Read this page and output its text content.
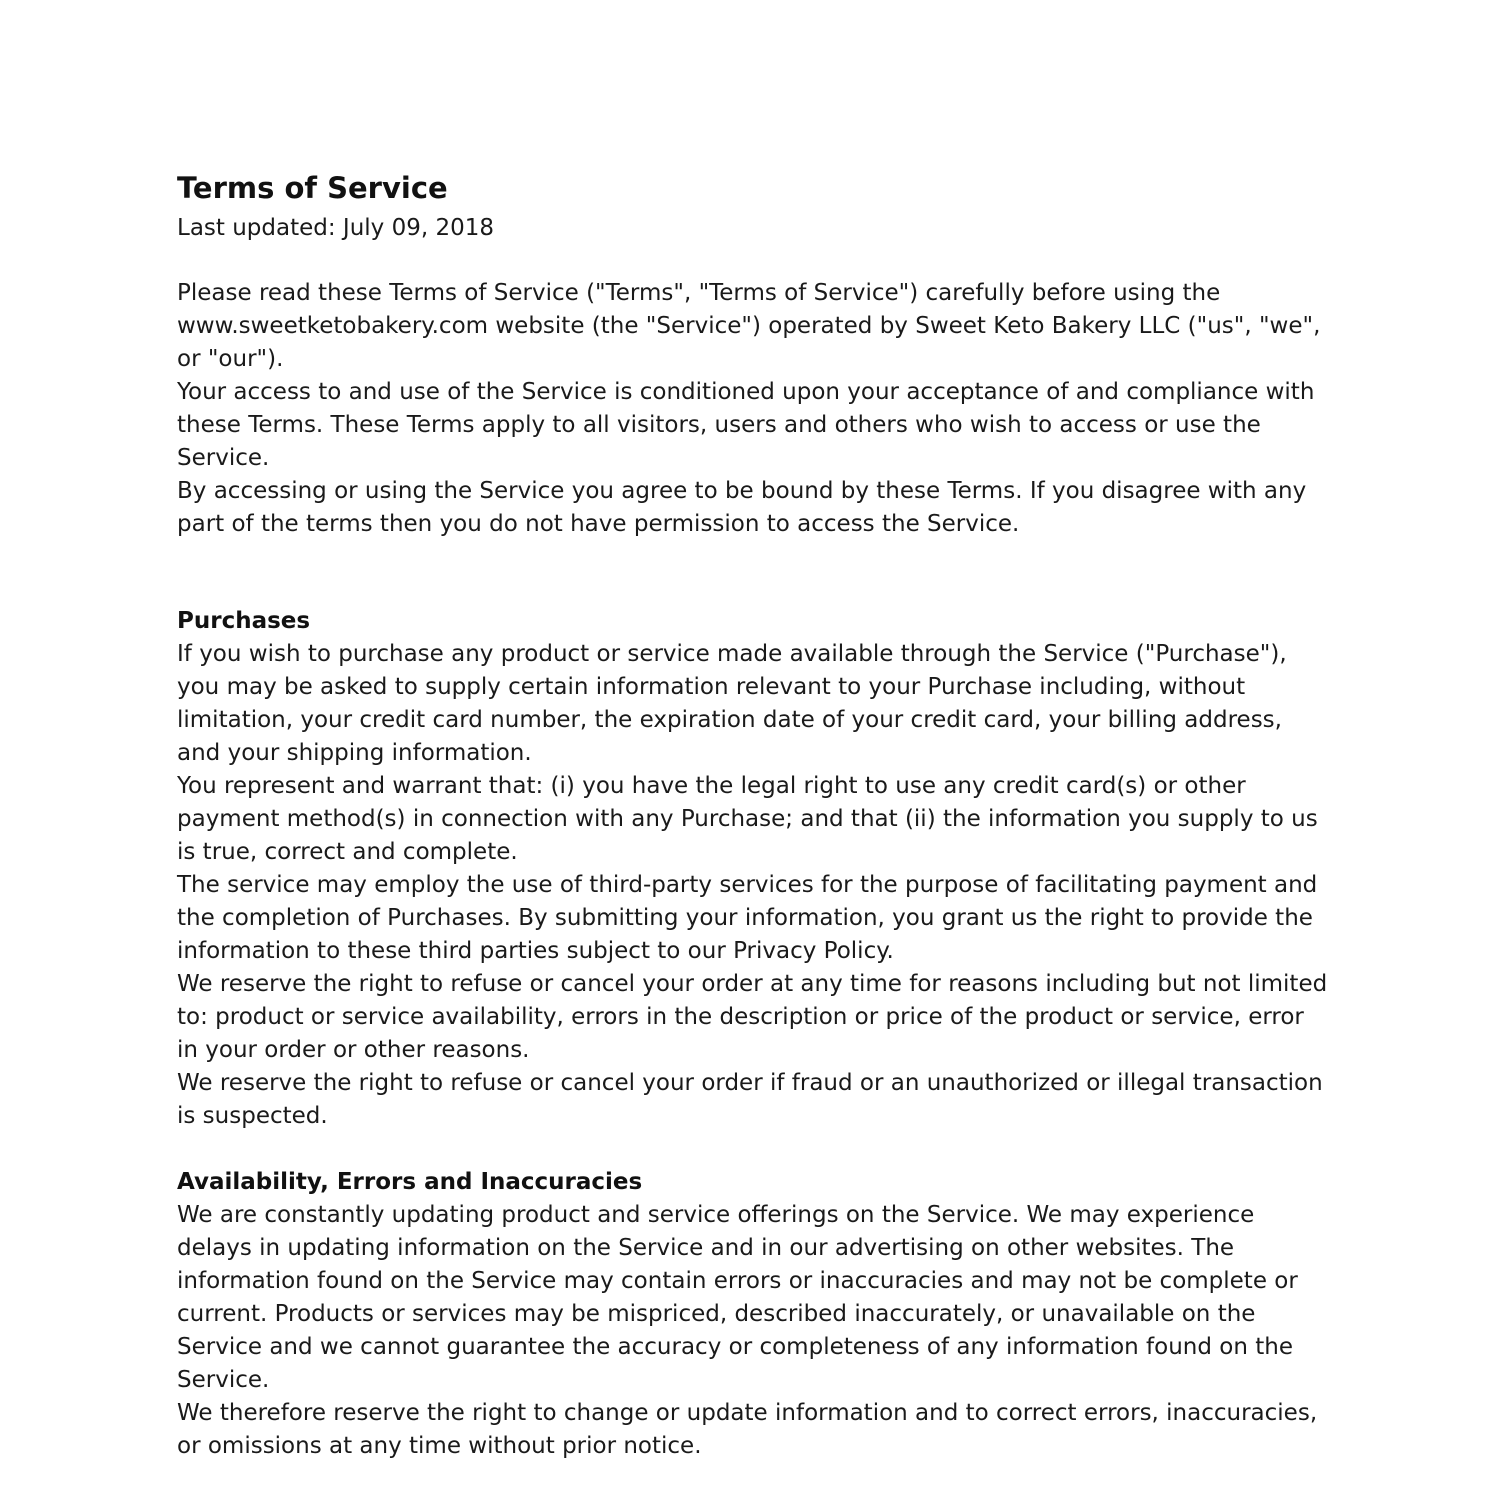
Terms of Service

Last updated: July 09, 2018

Please read these Terms of Service ("Terms", "Terms of Service") carefully before using the www.sweetketobakery.com website (the "Service") operated by Sweet Keto Bakery LLC ("us", "we", or "our").

Your access to and use of the Service is conditioned upon your acceptance of and compliance with these Terms. These Terms apply to all visitors, users and others who wish to access or use the Service.

By accessing or using the Service you agree to be bound by these Terms. If you disagree with any part of the terms then you do not have permission to access the Service.

Purchases

If you wish to purchase any product or service made available through the Service ("Purchase"), you may be asked to supply certain information relevant to your Purchase including, without limitation, your credit card number, the expiration date of your credit card, your billing address, and your shipping information.

You represent and warrant that: (i) you have the legal right to use any credit card(s) or other payment method(s) in connection with any Purchase; and that (ii) the information you supply to us is true, correct and complete.

The service may employ the use of third-party services for the purpose of facilitating payment and the completion of Purchases. By submitting your information, you grant us the right to provide the information to these third parties subject to our Privacy Policy.

We reserve the right to refuse or cancel your order at any time for reasons including but not limited to: product or service availability, errors in the description or price of the product or service, error in your order or other reasons.

We reserve the right to refuse or cancel your order if fraud or an unauthorized or illegal transaction is suspected.

Availability, Errors and Inaccuracies

We are constantly updating product and service offerings on the Service. We may experience delays in updating information on the Service and in our advertising on other websites. The information found on the Service may contain errors or inaccuracies and may not be complete or current. Products or services may be mispriced, described inaccurately, or unavailable on the Service and we cannot guarantee the accuracy or completeness of any information found on the Service.

We therefore reserve the right to change or update information and to correct errors, inaccuracies, or omissions at any time without prior notice.
